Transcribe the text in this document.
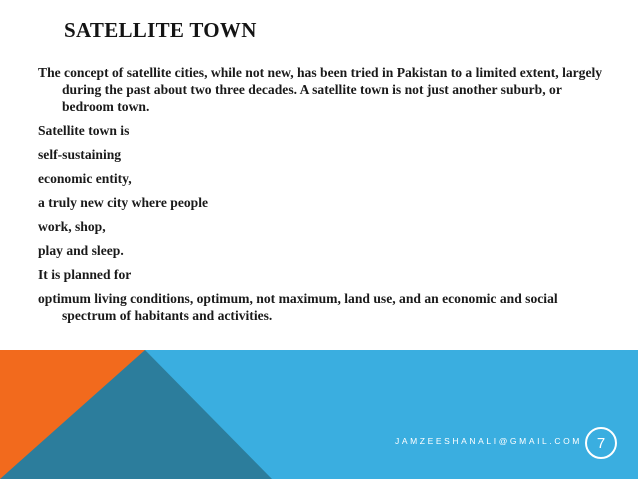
SATELLITE TOWN
The concept of satellite cities, while not new, has been tried in Pakistan to a limited extent, largely during the past about two three decades. A satellite town is not just another suburb, or bedroom town.
Satellite town is
self-sustaining
economic entity,
a truly new city where people
work, shop,
play and sleep.
It is planned for
optimum living conditions, optimum, not maximum, land use, and an economic and social spectrum of habitants and activities.
JAMZEESHANALI@GMAIL.COM 7
